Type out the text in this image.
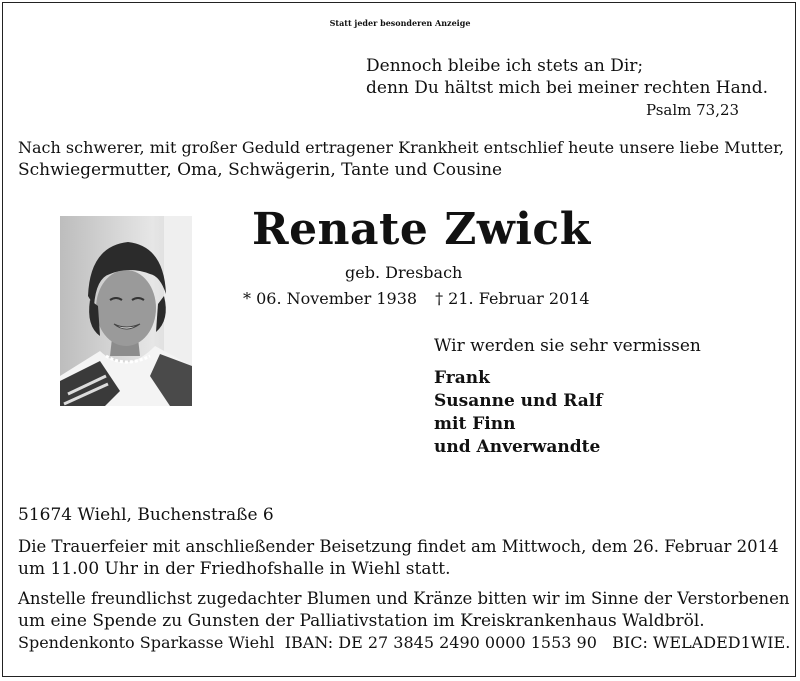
Statt jeder besonderen Anzeige
Dennoch bleibe ich stets an Dir;
denn Du hältst mich bei meiner rechten Hand.
Psalm 73,23
Nach schwerer, mit großer Geduld ertragener Krankheit entschlief heute unsere liebe Mutter,
Schwiegermutter, Oma, Schwägerin, Tante und Cousine
Renate Zwick
geb. Dresbach
* 06. November 1938 † 21. Februar 2014
Wir werden sie sehr vermissen
Frank
Susanne und Ralf
mit Finn
und Anverwandte
51674 Wiehl, Buchenstraße 6
Die Trauerfeier mit anschließender Beisetzung findet am Mittwoch, dem 26. Februar 2014
um 11.00 Uhr in der Friedhofshalle in Wiehl statt.
Anstelle freundlichst zugedachter Blumen und Kränze bitten wir im Sinne der Verstorbenen
um eine Spende zu Gunsten der Palliativstation im Kreiskrankenhaus Waldbröl.
Spendenkonto Sparkasse Wiehl  IBAN: DE 27 3845 2490 0000 1553 90   BIC: WELADED1WIE.
